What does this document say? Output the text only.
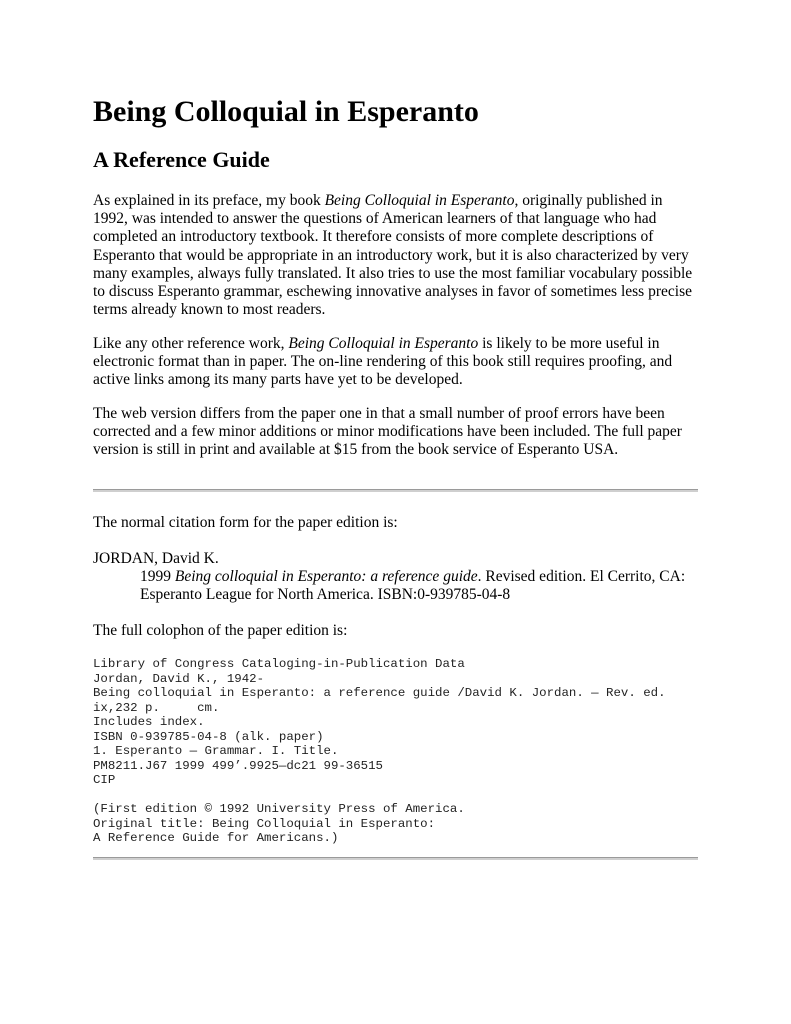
Being Colloquial in Esperanto
A Reference Guide

As explained in its preface, my book Being Colloquial in Esperanto, originally published in 1992, was intended to answer the questions of American learners of that language who had completed an introductory textbook. It therefore consists of more complete descriptions of Esperanto that would be appropriate in an introductory work, but it is also characterized by very many examples, always fully translated. It also tries to use the most familiar vocabulary possible to discuss Esperanto grammar, eschewing innovative analyses in favor of sometimes less precise terms already known to most readers.

Like any other reference work, Being Colloquial in Esperanto is likely to be more useful in electronic format than in paper. The on-line rendering of this book still requires proofing, and active links among its many parts have yet to be developed.

The web version differs from the paper one in that a small number of proof errors have been corrected and a few minor additions or minor modifications have been included. The full paper version is still in print and available at $15 from the book service of Esperanto USA.

The normal citation form for the paper edition is:

JORDAN, David K.

1999 Being colloquial in Esperanto: a reference guide. Revised edition. El Cerrito, CA: Esperanto League for North America. ISBN:0-939785-04-8

The full colophon of the paper edition is:

Library of Congress Cataloging-in-Publication Data
Jordan, David K., 1942-
Being colloquial in Esperanto: a reference guide /David K. Jordan. — Rev. ed.
ix,232 p.     cm.
Includes index.
ISBN 0-939785-04-8 (alk. paper)
1. Esperanto — Grammar. I. Title.
PM8211.J67 1999 499’.9925—dc21 99-36515
CIP
(First edition © 1992 University Press of America.
Original title: Being Colloquial in Esperanto:
A Reference Guide for Americans.)
